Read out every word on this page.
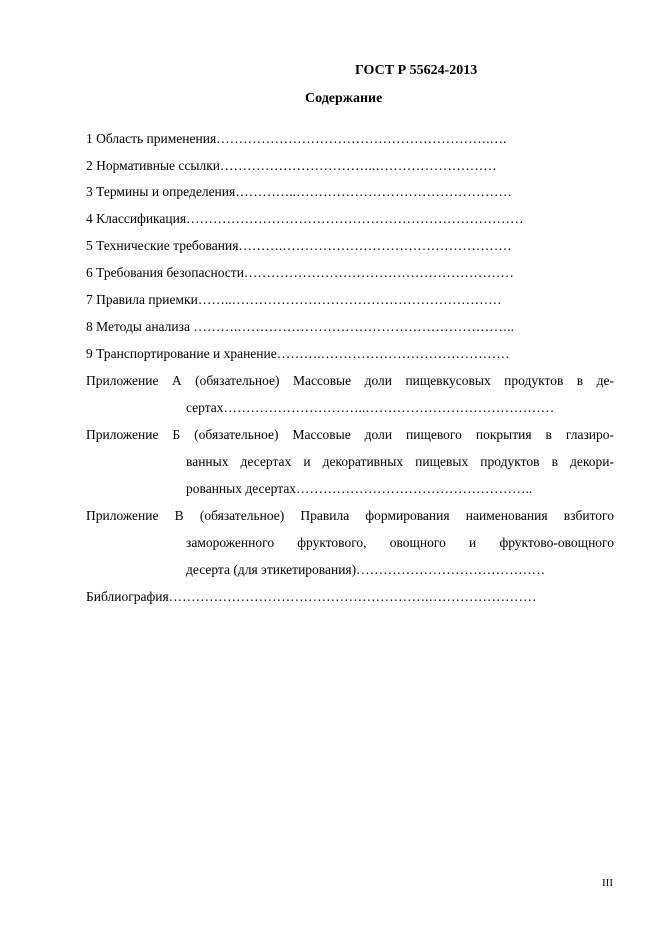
ГОСТ Р 55624-2013
Содержание
1 Область применения…………………………………………………….….
2 Нормативные ссылки……………………………..………………………
3 Термины и определения…………..…………………………………………
4 Классификация…………………………………………………………………
5 Технические требования……….……………………………………………
6 Требования безопасности……………………………………………………
7 Правила приемки……..……………………………………………………
8 Методы анализа ……….……………………………………………………..
9 Транспортирование и хранение……….……………………………………
Приложение А (обязательное) Массовые доли пищевкусовых продуктов в де-
сертах…………………………..……………………………………
Приложение Б (обязательное) Массовые доли пищевого покрытия в глазиро-
ванных десертах и декоративных пищевых продуктов в декори-
рованных десертах……………………………………………..
Приложение В (обязательное) Правила формирования наименования взбитого
замороженного фруктового, овощного и фруктово-овощного
десерта (для этикетирования)……………………………………
Библиография………………………………………………….……………………
III
